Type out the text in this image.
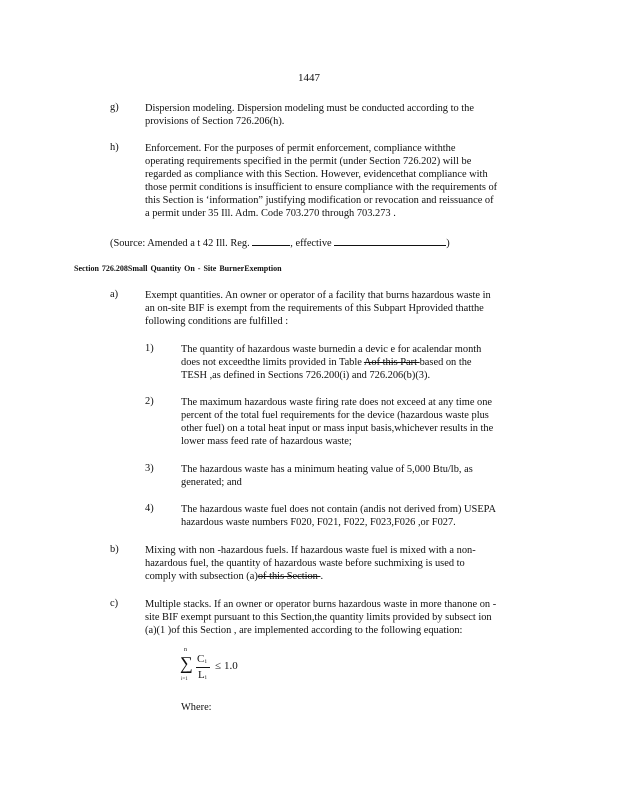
1447
g)	Dispersion modeling. Dispersion modeling must be conducted according to the
provisions of Section 726.206(h).
h)	Enforcement. For the purposes of permit enforcement, compliance withthe
operating requirements specified in the permit (under Section 726.202) will be
regarded as compliance with this Section. However, evidencethat compliance with
those permit conditions is insufficient to ensure compliance with the requirements of
this Section is ‘information” justifying modification or revocation and reissuance of
a permit under 35 Ill. Adm. Code 703.270 through 703.273 .
(Source: Amended a t 42 Ill. Reg.	, effective	)
Section 726.208Small Quantity On - Site BurnerExemption
a)	Exempt quantities. An owner or operator of a facility that burns hazardous waste in
an on-site BIF is exempt from the requirements of this Subpart Hprovided thatthe
following conditions are fulfilled :
1)	The quantity of hazardous waste burnedin a devic e for acalendar month
does not exceedthe limits provided in Table Aof this Part based on the
TESH ,as defined in Sections 726.200(i) and 726.206(b)(3).
2)	The maximum hazardous waste firing rate does not exceed at any time one
percent of the total fuel requirements for the device (hazardous waste plus
other fuel) on a total heat input or mass input basis,whichever results in the
lower mass feed rate of hazardous waste;
3)	The hazardous waste has a minimum heating value of 5,000 Btu/lb, as
generated; and
4)	The hazardous waste fuel does not contain (andis not derived from) USEPA
hazardous waste numbers F020, F021, F022, F023,F026 ,or F027.
b)	Mixing with non -hazardous fuels. If hazardous waste fuel is mixed with a non-
hazardous fuel, the quantity of hazardous waste before suchmixing is used to
comply with subsection (a)of this Section .
c)	Multiple stacks. If an owner or operator burns hazardous waste in more thanone on -
site BIF exempt pursuant to this Section,the quantity limits provided by subsect ion
(a)(1 )of this Section , are implemented according to the following equation:
n
∑
i=1
C i
L i
≤ 1.0
Where:
